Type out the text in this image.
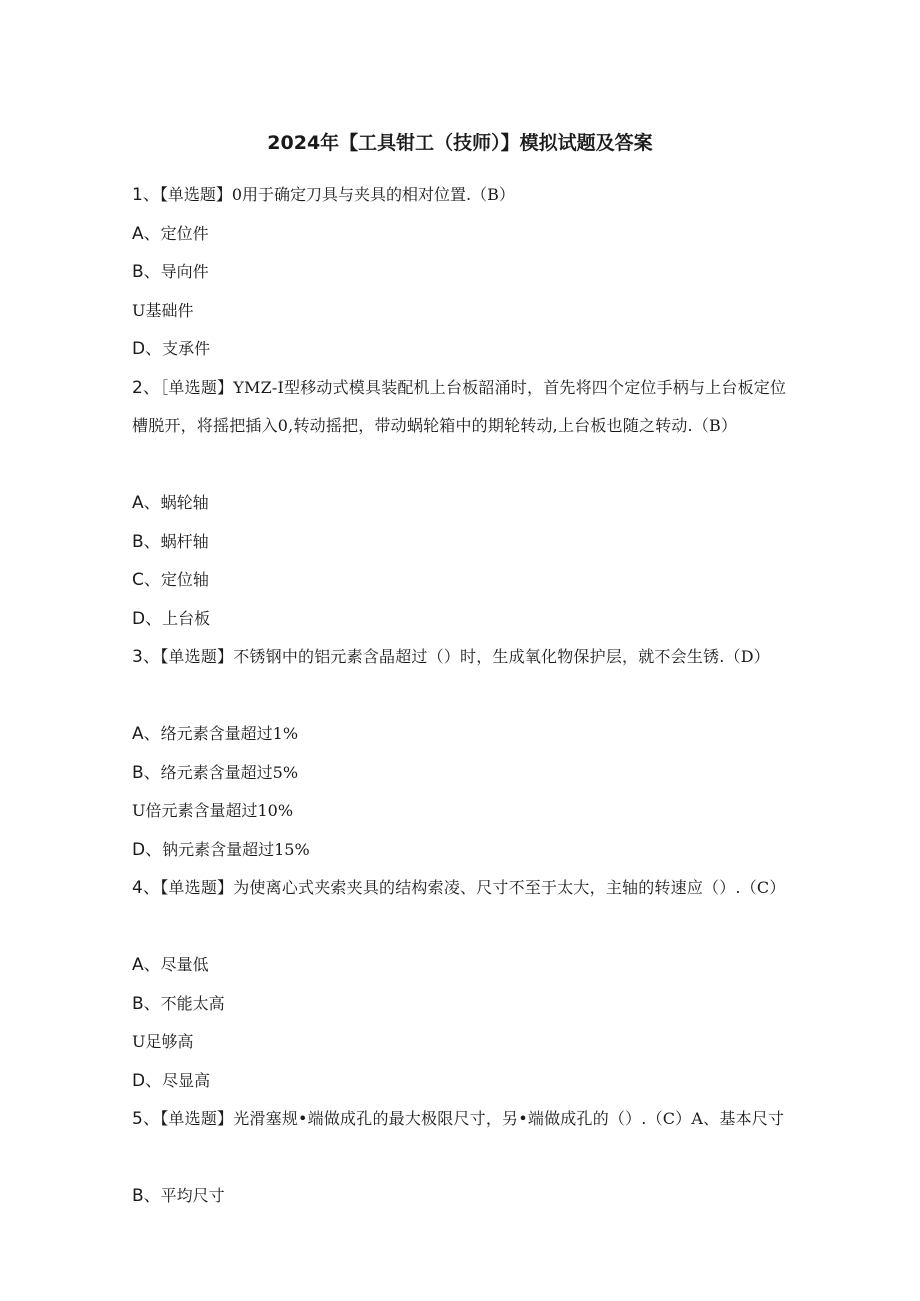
2024年【工具钳工（技师）】模拟试题及答案
1、【单选题】0用于确定刀具与夹具的相对位置.（B）
A、定位件
B、导向件
U基础件
D、支承件
2、［单选题】YMZ-I型移动式模具装配机上台板韶涌时，首先将四个定位手柄与上台板定位槽脱开，将摇把插入0,转动摇把，带动蜗轮箱中的期轮转动,上台板也随之转动.（B）
A、蜗轮轴
B、蜗杆轴
C、定位轴
D、上台板
3、【单选题】不锈钢中的铝元素含晶超过（）时，生成氧化物保护层，就不会生锈.（D）
A、络元素含量超过1%
B、络元素含量超过5%
U倍元素含量超过10%
D、钠元素含量超过15%
4、【单选题】为使离心式夹索夹具的结构索凌、尺寸不至于太大，主轴的转速应（）.（C）
A、尽量低
B、不能太高
U足够高
D、尽显高
5、【单选题】光滑塞规•端做成孔的最大极限尺寸，另•端做成孔的（）.（C）A、基本尺寸
B、平均尺寸
